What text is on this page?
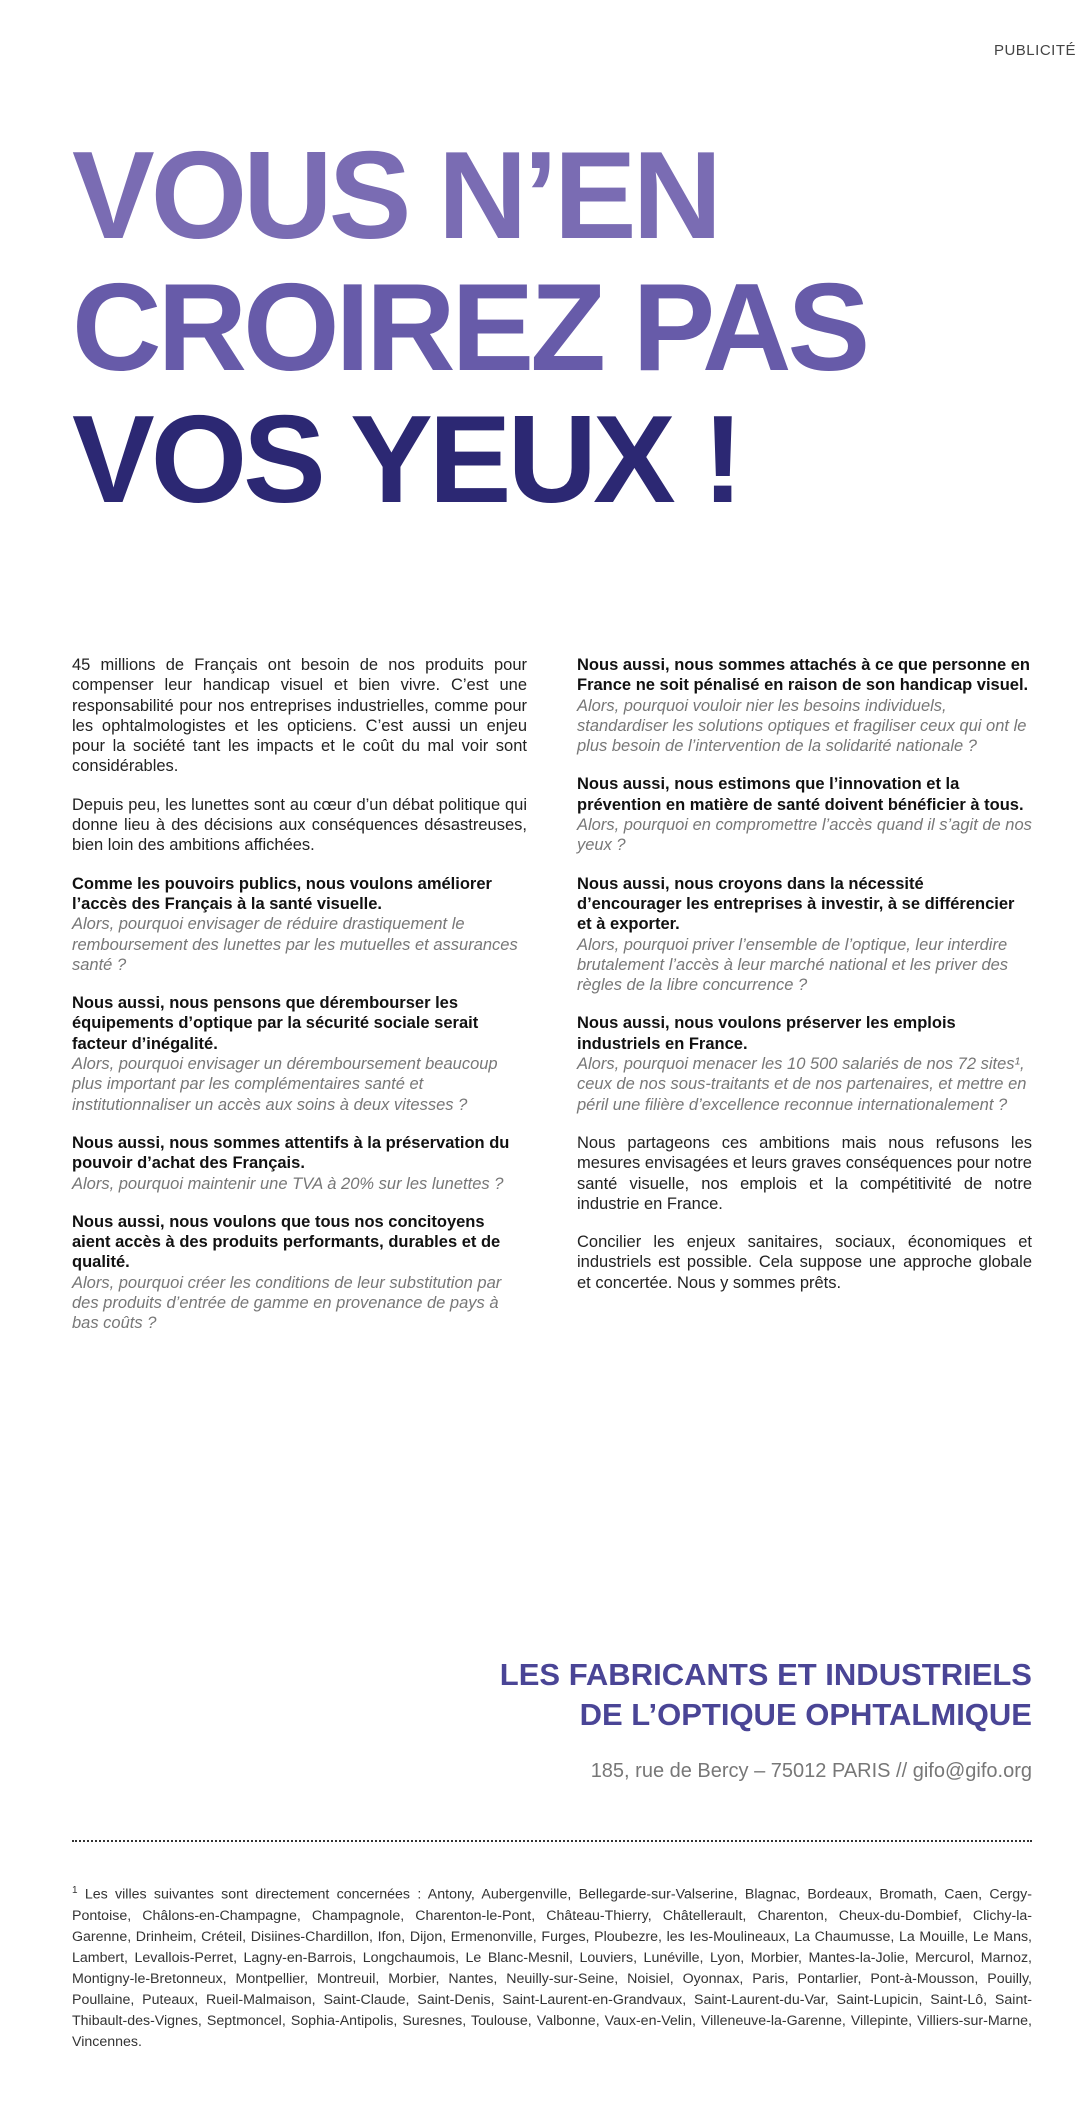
PUBLICITÉ
VOUS N’EN
CROIREZ PAS
VOS YEUX !

45 millions de Français ont besoin de nos produits pour compenser leur handicap visuel et bien vivre. C’est une responsabilité pour nos entreprises industrielles, comme pour les ophtalmologistes et les opticiens. C’est aussi un enjeu pour la société tant les impacts et le coût du mal voir sont considérables.

Depuis peu, les lunettes sont au cœur d’un débat politique qui donne lieu à des décisions aux conséquences désastreuses, bien loin des ambitions affichées.

Comme les pouvoirs publics, nous voulons améliorer l’accès des Français à la santé visuelle.
Alors, pourquoi envisager de réduire drastiquement le remboursement des lunettes par les mutuelles et assurances santé ?
Nous aussi, nous pensons que dérembourser les équipements d’optique par la sécurité sociale serait facteur d’inégalité.
Alors, pourquoi envisager un déremboursement beaucoup plus important par les complémentaires santé et institutionnaliser un accès aux soins à deux vitesses ?
Nous aussi, nous sommes attentifs à la préservation du pouvoir d’achat des Français.
Alors, pourquoi maintenir une TVA à 20% sur les lunettes ?
Nous aussi, nous voulons que tous nos concitoyens aient accès à des produits performants, durables et de qualité.
Alors, pourquoi créer les conditions de leur substitution par des produits d’entrée de gamme en provenance de pays à bas coûts ?
Nous aussi, nous sommes attachés à ce que personne en France ne soit pénalisé en raison de son handicap visuel.
Alors, pourquoi vouloir nier les besoins individuels, standardiser les solutions optiques et fragiliser ceux qui ont le plus besoin de l’intervention de la solidarité nationale ?
Nous aussi, nous estimons que l’innovation et la prévention en matière de santé doivent bénéficier à tous.
Alors, pourquoi en compromettre l’accès quand il s’agit de nos yeux ?
Nous aussi, nous croyons dans la nécessité d’encourager les entreprises à investir, à se différencier et à exporter.
Alors, pourquoi priver l’ensemble de l’optique, leur interdire brutalement l’accès à leur marché national et les priver des règles de la libre concurrence ?
Nous aussi, nous voulons préserver les emplois industriels en France.
Alors, pourquoi menacer les 10 500 salariés de nos 72 sites¹, ceux de nos sous-traitants et de nos partenaires, et mettre en péril une filière d’excellence reconnue internationalement ?

Nous partageons ces ambitions mais nous refusons les mesures envisagées et leurs graves conséquences pour notre santé visuelle, nos emplois et la compétitivité de notre industrie en France.

Concilier les enjeux sanitaires, sociaux, économiques et industriels est possible. Cela suppose une approche globale et concertée. Nous y sommes prêts.

LES FABRICANTS ET INDUSTRIELS
DE L’OPTIQUE OPHTALMIQUE
185, rue de Bercy – 75012 PARIS // gifo@gifo.org
$^1$ Les villes suivantes sont directement concernées : Antony, Aubergenville, Bellegarde-sur-Valserine, Blagnac, Bordeaux, Bromath, Caen, Cergy-Pontoise, Châlons-en-Champagne, Champagnole, Charenton-le-Pont, Château-Thierry, Châtellerault, Charenton, Cheux-du-Dombief, Clichy-la-Garenne, Drinheim, Créteil, Disiines-Chardillon, Ifon, Dijon, Ermenonville, Furges, Ploubezre, les Ies-Moulineaux, La Chaumusse, La Mouille, Le Mans, Lambert, Levallois-Perret, Lagny-en-Barrois, Longchaumois, Le Blanc-Mesnil, Louviers, Lunéville, Lyon, Morbier, Mantes-la-Jolie, Mercurol, Marnoz, Montigny-le-Bretonneux, Montpellier, Montreuil, Morbier, Nantes, Neuilly-sur-Seine, Noisiel, Oyonnax, Paris, Pontarlier, Pont-à-Mousson, Pouilly, Poullaine, Puteaux, Rueil-Malmaison, Saint-Claude, Saint-Denis, Saint-Laurent-en-Grandvaux, Saint-Laurent-du-Var, Saint-Lupicin, Saint-Lô, Saint-Thibault-des-Vignes, Septmoncel, Sophia-Antipolis, Suresnes, Toulouse, Valbonne, Vaux-en-Velin, Villeneuve-la-Garenne, Villepinte, Villiers-sur-Marne, Vincennes.
